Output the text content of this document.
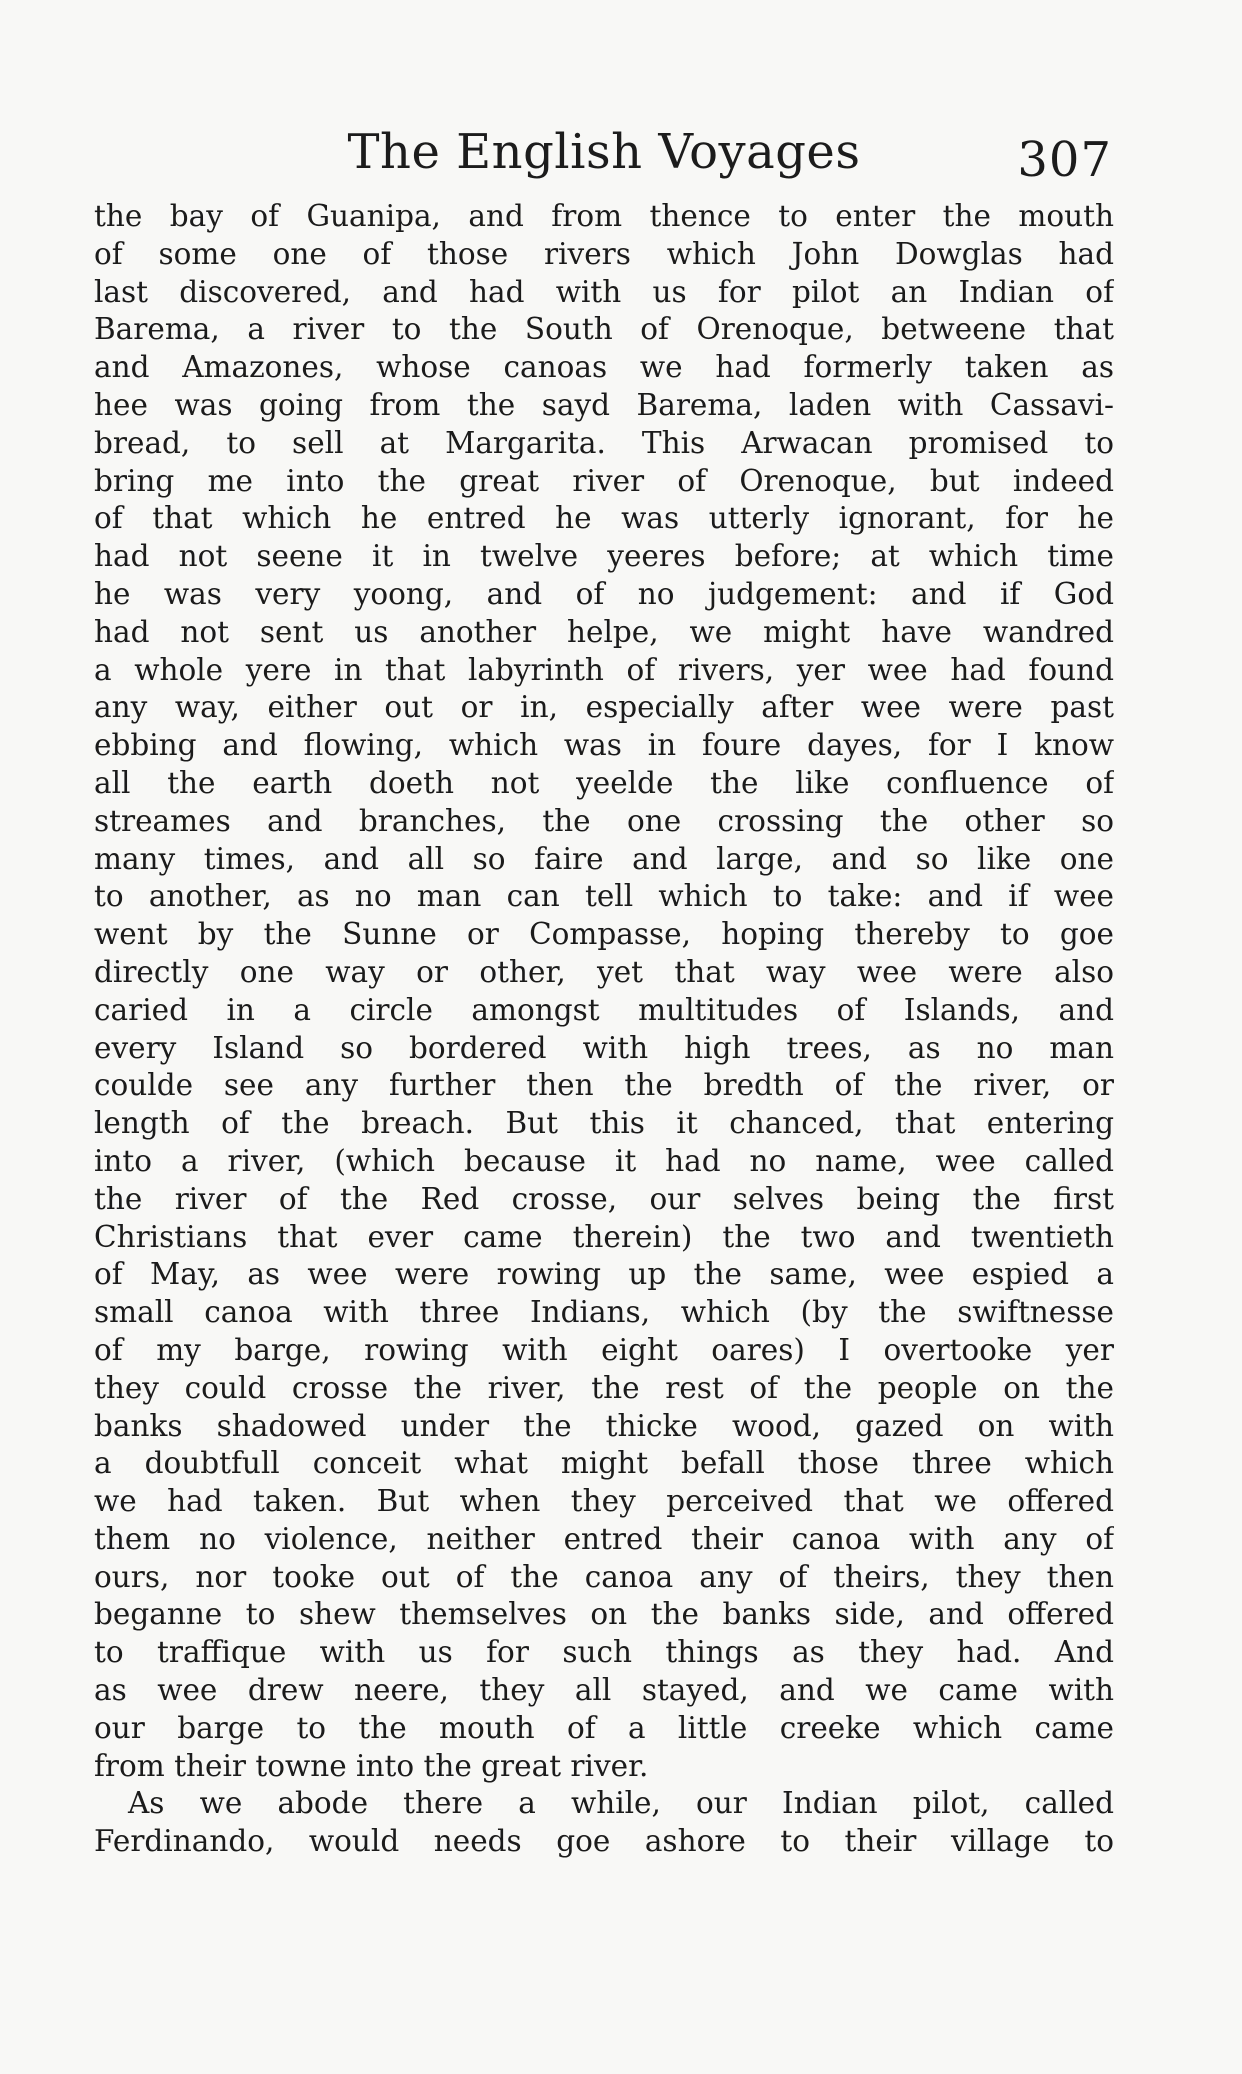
The English Voyages	307
the bay of Guanipa, and from thence to enter the mouth
of some one of those rivers which John Dowglas had
last discovered, and had with us for pilot an Indian of
Barema, a river to the South of Orenoque, betweene that
and Amazones, whose canoas we had formerly taken as
hee was going from the sayd Barema, laden with Cassavi-
bread, to sell at Margarita. This Arwacan promised to
bring me into the great river of Orenoque, but indeed
of that which he entred he was utterly ignorant, for he
had not seene it in twelve yeeres before; at which time
he was very yoong, and of no judgement: and if God
had not sent us another helpe, we might have wandred
a whole yere in that labyrinth of rivers, yer wee had found
any way, either out or in, especially after wee were past
ebbing and flowing, which was in foure dayes, for I know
all the earth doeth not yeelde the like confluence of
streames and branches, the one crossing the other so
many times, and all so faire and large, and so like one
to another, as no man can tell which to take: and if wee
went by the Sunne or Compasse, hoping thereby to goe
directly one way or other, yet that way wee were also
caried in a circle amongst multitudes of Islands, and
every Island so bordered with high trees, as no man
coulde see any further then the bredth of the river, or
length of the breach. But this it chanced, that entering
into a river, (which because it had no name, wee called
the river of the Red crosse, our selves being the first
Christians that ever came therein) the two and twentieth
of May, as wee were rowing up the same, wee espied a
small canoa with three Indians, which (by the swiftnesse
of my barge, rowing with eight oares) I overtooke yer
they could crosse the river, the rest of the people on the
banks shadowed under the thicke wood, gazed on with
a doubtfull conceit what might befall those three which
we had taken. But when they perceived that we offered
them no violence, neither entred their canoa with any of
ours, nor tooke out of the canoa any of theirs, they then
beganne to shew themselves on the banks side, and offered
to traffique with us for such things as they had. And
as wee drew neere, they all stayed, and we came with
our barge to the mouth of a little creeke which came
from their towne into the great river.
As we abode there a while, our Indian pilot, called
Ferdinando, would needs goe ashore to their village to
